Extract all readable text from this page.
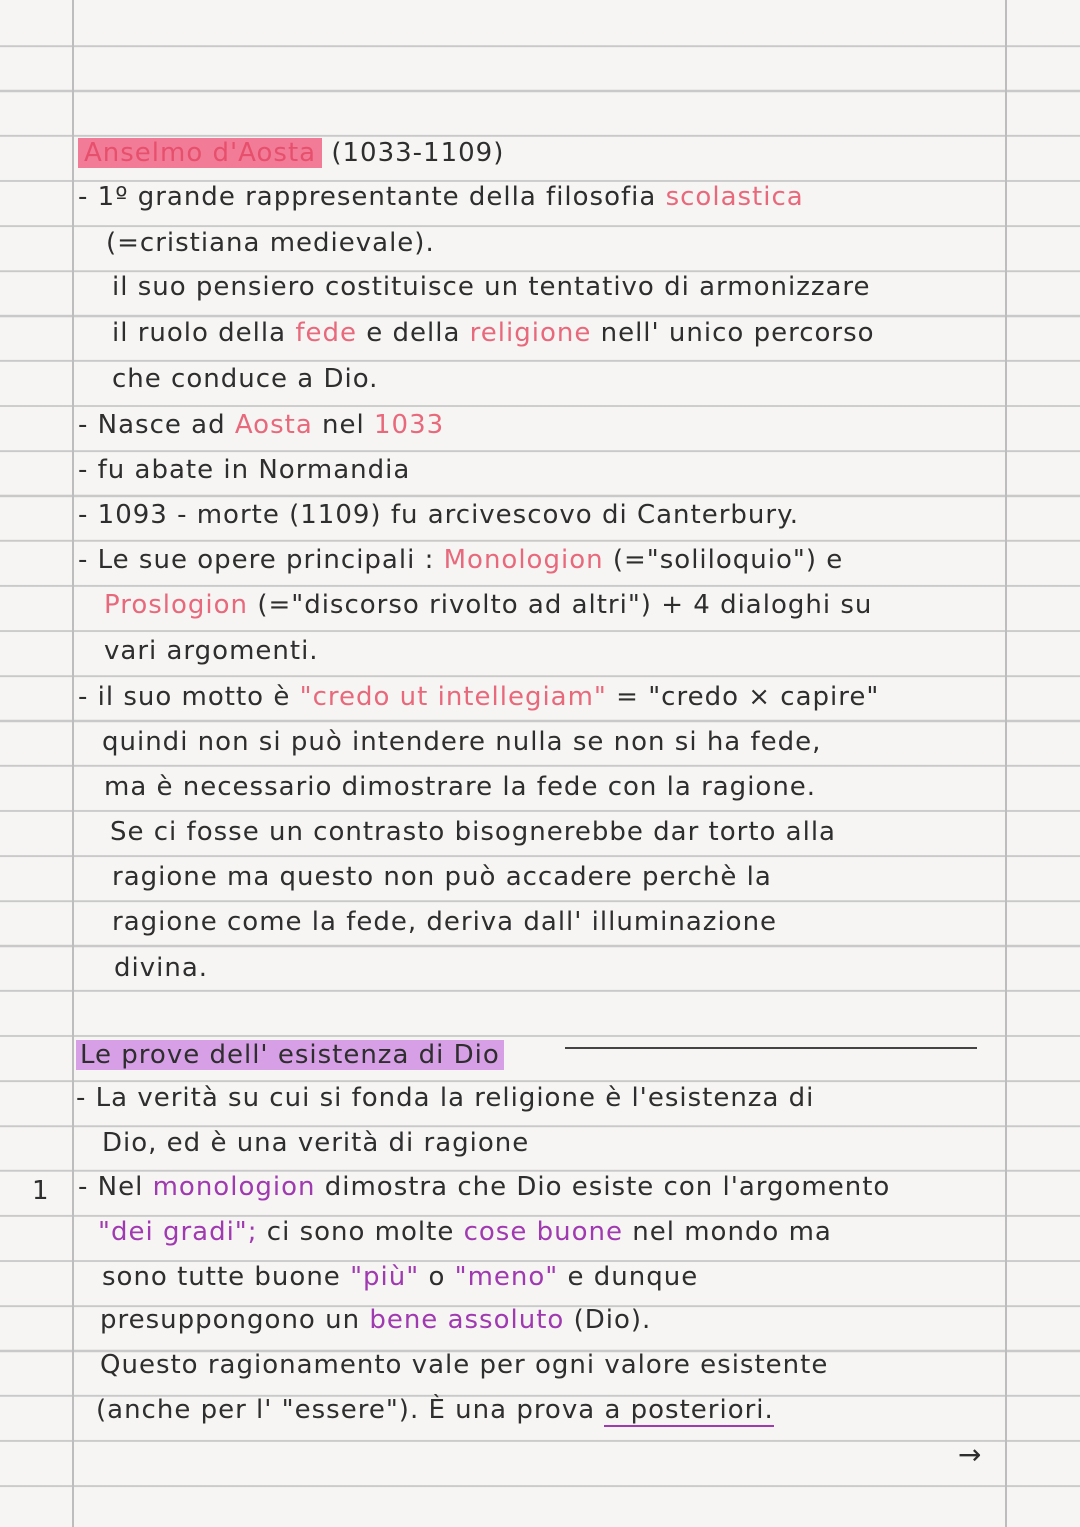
Anselmo d'Aosta (1033-1109)
- 1º grande rappresentante della filosofia scolastica
(=cristiana medievale).
il suo pensiero costituisce un tentativo di armonizzare
il ruolo della fede e della religione nell' unico percorso
che conduce a Dio.
- Nasce ad Aosta nel 1033
- fu abate in Normandia
- 1093 - morte (1109) fu arcivescovo di Canterbury.
- Le sue opere principali : Monologion (="soliloquio") e
Proslogion (="discorso rivolto ad altri") + 4 dialoghi su
vari argomenti.
- il suo motto è "credo ut intellegiam" = "credo × capire"
quindi non si può intendere nulla se non si ha fede,
ma è necessario dimostrare la fede con la ragione.
Se ci fosse un contrasto bisognerebbe dar torto alla
ragione ma questo non può accadere perchè la
ragione come la fede, deriva dall' illuminazione
divina.
Le prove dell' esistenza di Dio
- La verità su cui si fonda la religione è l'esistenza di
Dio, ed è una verità di ragione
1 - Nel monologion dimostra che Dio esiste con l'argomento
"dei gradi"; ci sono molte cose buone nel mondo ma
sono tutte buone "più" o "meno" e dunque
presuppongono un bene assoluto (Dio).
Questo ragionamento vale per ogni valore esistente
(anche per l' "essere"). È una prova a posteriori.
→
